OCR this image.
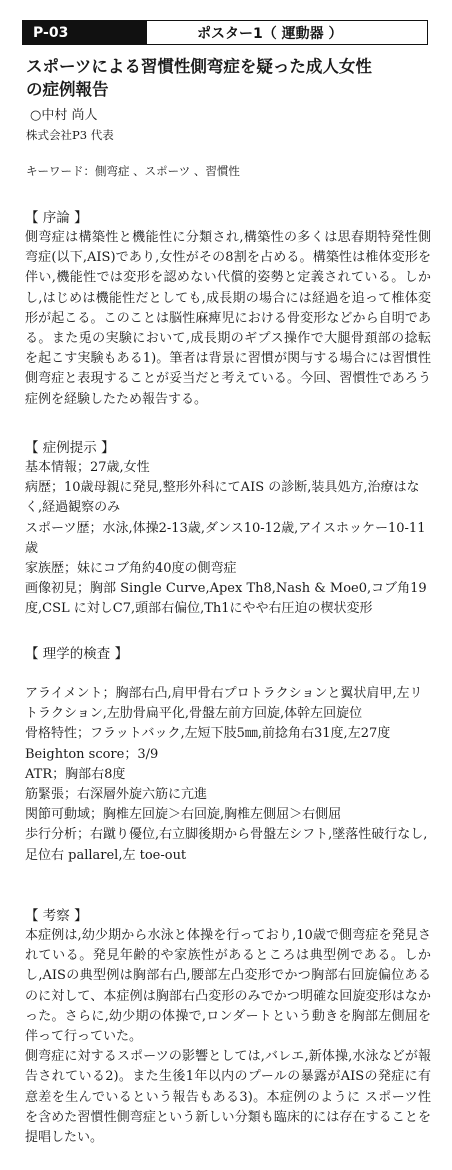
P-03	ポスター1（ 運動器 ）
スポーツによる習慣性側弯症を疑った成人女性
の症例報告
○中村 尚人
株式会社P3 代表
キーワード：側弯症 、スポーツ 、習慣性
【 序論 】
側弯症は構築性と機能性に分類され,構築性の多くは思春期特発性側弯症(以下,AIS)であり,女性がその8割を占める。構築性は椎体変形を伴い,機能性では変形を認めない代償的姿勢と定義されている。しかし,はじめは機能性だとしても,成長期の場合には経過を追って椎体変形が起こる。このことは脳性麻痺児における骨変形などから自明である。また兎の実験において,成長期のギプス操作で大腿骨頚部の捻転を起こす実験もある1)。筆者は背景に習慣が関与する場合には習慣性側弯症と表現することが妥当だと考えている。今回、習慣性であろう症例を経験したため報告する。
【 症例提示 】
基本情報；27歳,女性
病歴；10歳母親に発見,整形外科にてAIS の診断,装具処方,治療はなく,経過観察のみ
スポーツ歴；水泳,体操2-13歳,ダンス10-12歳,アイスホッケー10-11歳
家族歴；妹にコブ角約40度の側弯症
画像初見；胸部 Single Curve,Apex Th8,Nash & Moe0,コブ角19度,CSL に対しC7,頭部右偏位,Th1にやや右圧迫の楔状変形
【 理学的検査 】
アライメント；胸部右凸,肩甲骨右プロトラクションと翼状肩甲,左リトラクション,左肋骨扁平化,骨盤左前方回旋,体幹左回旋位
骨格特性；フラットバック,左短下肢5㎜,前捻角右31度,左27度
Beighton score；3/9
ATR；胸部右8度
筋緊張；右深層外旋六筋に亢進
関節可動域；胸椎左回旋＞右回旋,胸椎左側屈＞右側屈
歩行分析；右蹴り優位,右立脚後期から骨盤左シフト,墜落性破行なし,足位右 pallarel,左 toe-out
【 考察 】
本症例は,幼少期から水泳と体操を行っており,10歳で側弯症を発見されている。発見年齢的や家族性があるところは典型例である。しかし,AISの典型例は胸部右凸,腰部左凸変形でかつ胸部右回旋偏位あるのに対して、本症例は胸部右凸変形のみでかつ明確な回旋変形はなかった。さらに,幼少期の体操で,ロンダートという動きを胸部左側屈を伴って行っていた。
側弯症に対するスポーツの影響としては,バレエ,新体操,水泳などが報告されている2)。また生後1年以内のプールの暴露がAISの発症に有意差を生んでいるという報告もある3)。本症例のように スポーツ性を含めた習慣性側弯症という新しい分類も臨床的には存在することを提唱したい。
